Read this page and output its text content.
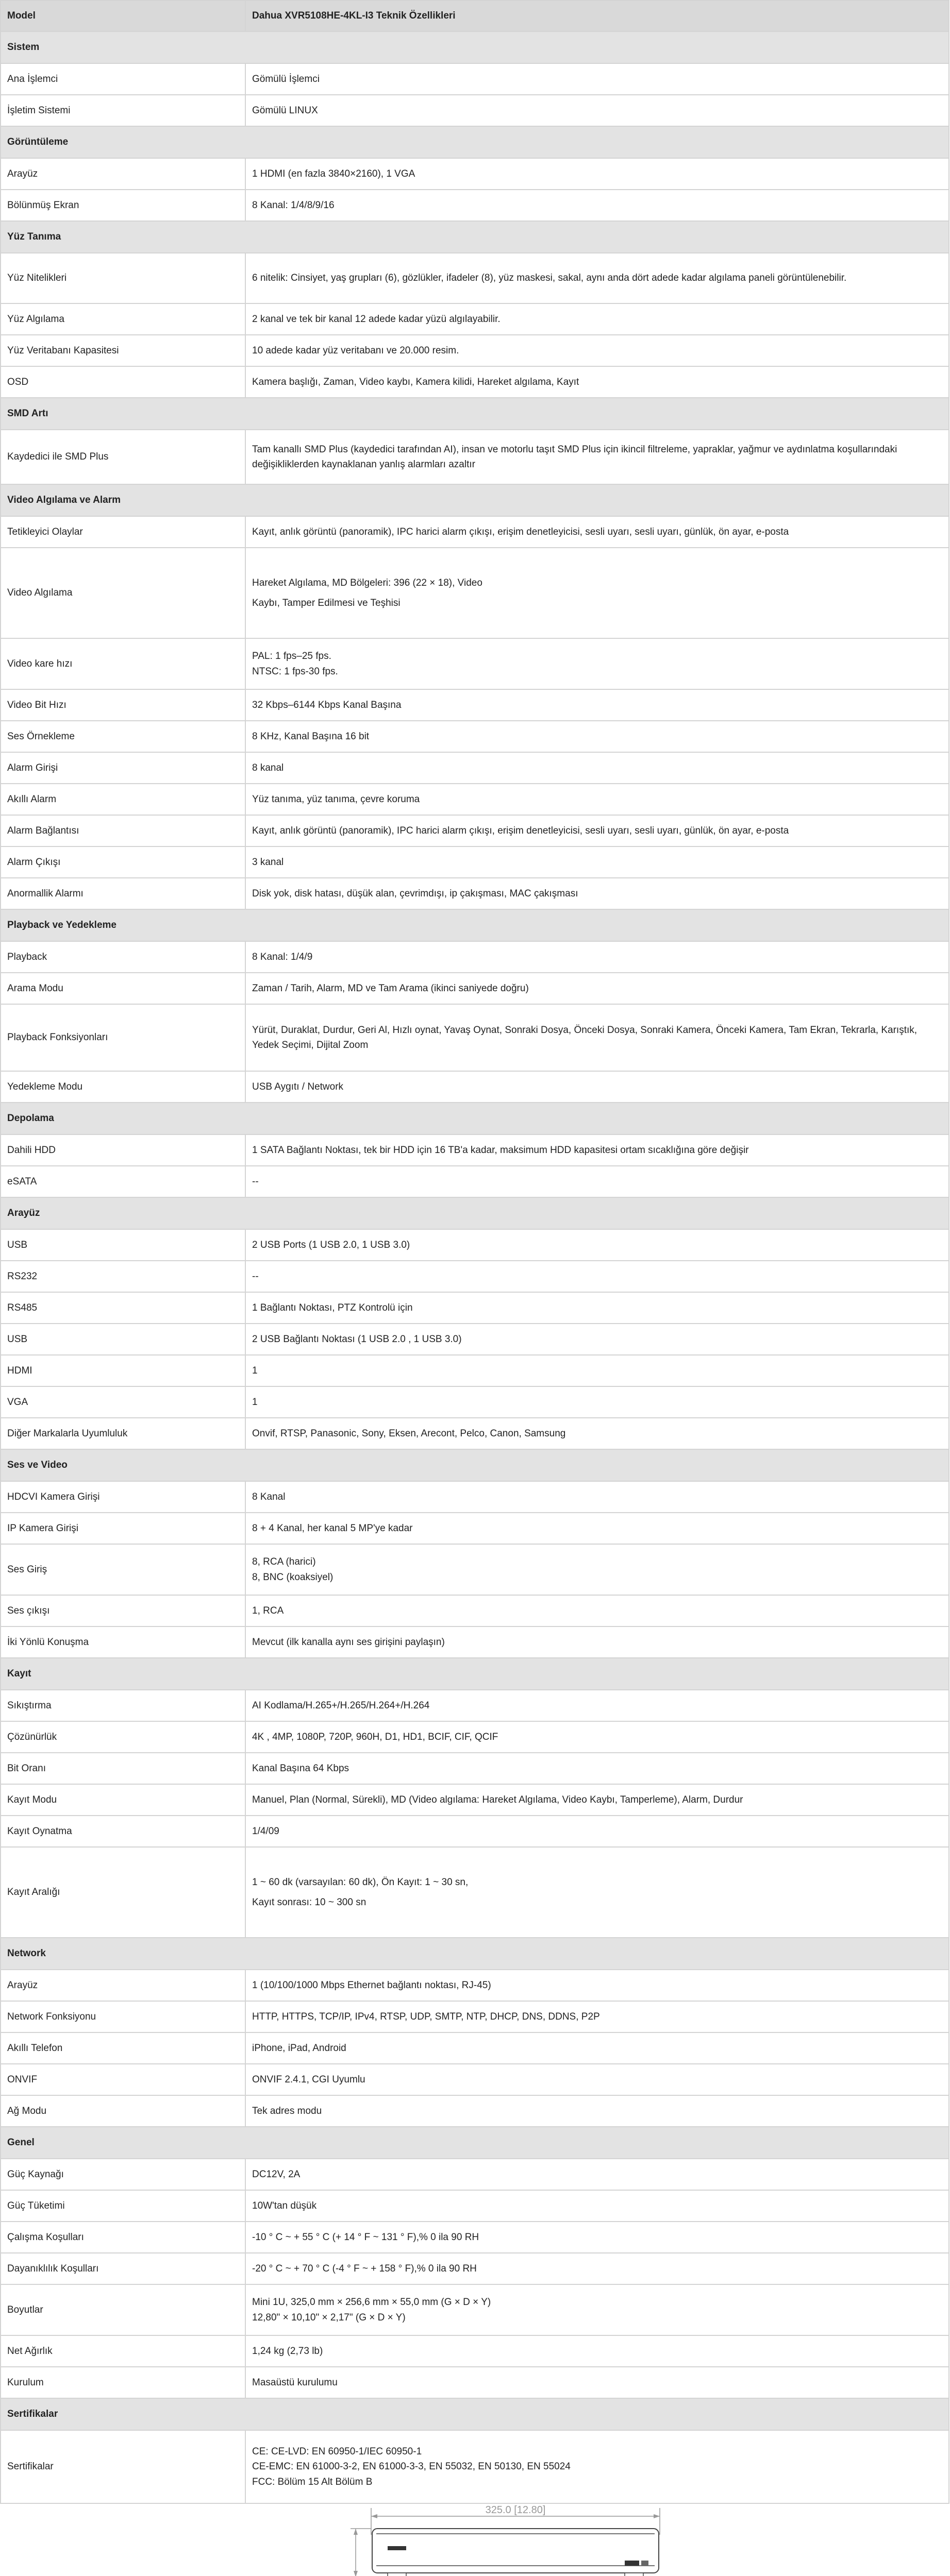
Model	Dahua XVR5108HE-4KL-I3 Teknik Özellikleri
Sistem	
Ana İşlemci	Gömülü İşlemci
İşletim Sistemi	Gömülü LINUX
Görüntüleme	
Arayüz	1 HDMI (en fazla 3840×2160), 1 VGA
Bölünmüş Ekran	8 Kanal: 1/4/8/9/16
Yüz Tanıma	
Yüz Nitelikleri	6 nitelik: Cinsiyet, yaş grupları (6), gözlükler, ifadeler (8), yüz maskesi, sakal, aynı anda dört adede kadar algılama paneli görüntülenebilir.
Yüz Algılama	2 kanal ve tek bir kanal 12 adede kadar yüzü algılayabilir.
Yüz Veritabanı Kapasitesi	10 adede kadar yüz veritabanı ve 20.000 resim.
OSD	Kamera başlığı, Zaman, Video kaybı, Kamera kilidi, Hareket algılama, Kayıt
SMD Artı	
Kaydedici ile SMD Plus	Tam kanallı SMD Plus (kaydedici tarafından AI), insan ve motorlu taşıt SMD Plus için ikincil filtreleme, yapraklar, yağmur ve aydınlatma koşullarındaki değişikliklerden kaynaklanan yanlış alarmları azaltır
Video Algılama ve Alarm	
Tetikleyici Olaylar	Kayıt, anlık görüntü (panoramik), IPC harici alarm çıkışı, erişim denetleyicisi, sesli uyarı, sesli uyarı, günlük, ön ayar, e-posta
Video Algılama	Hareket Algılama, MD Bölgeleri: 396 (22 × 18), Video
Kaybı, Tamper Edilmesi ve Teşhisi

Video kare hızı	PAL: 1 fps–25 fps.
NTSC: 1 fps-30 fps.

Video Bit Hızı	32 Kbps–6144 Kbps Kanal Başına
Ses Örnekleme	8 KHz, Kanal Başına 16 bit
Alarm Girişi	8 kanal
Akıllı Alarm	Yüz tanıma, yüz tanıma, çevre koruma
Alarm Bağlantısı	Kayıt, anlık görüntü (panoramik), IPC harici alarm çıkışı, erişim denetleyicisi, sesli uyarı, sesli uyarı, günlük, ön ayar, e-posta
Alarm Çıkışı	3 kanal
Anormallik Alarmı	Disk yok, disk hatası, düşük alan, çevrimdışı, ip çakışması, MAC çakışması
Playback ve Yedekleme	
Playback	8 Kanal: 1/4/9
Arama Modu	Zaman / Tarih, Alarm, MD ve Tam Arama (ikinci saniyede doğru)
Playback Fonksiyonları	Yürüt, Duraklat, Durdur, Geri Al, Hızlı oynat, Yavaş Oynat, Sonraki Dosya, Önceki Dosya, Sonraki Kamera, Önceki Kamera, Tam Ekran, Tekrarla, Karıştık, Yedek Seçimi, Dijital Zoom
Yedekleme Modu	USB Aygıtı / Network
Depolama	
Dahili HDD	1 SATA Bağlantı Noktası, tek bir HDD için 16 TB'a kadar, maksimum HDD kapasitesi ortam sıcaklığına göre değişir
eSATA	--
Arayüz	
USB	2 USB Ports (1 USB 2.0, 1 USB 3.0)
RS232	--
RS485	1 Bağlantı Noktası, PTZ Kontrolü için
USB	2 USB Bağlantı Noktası (1 USB 2.0 , 1 USB 3.0)
HDMI	1
VGA	1
Diğer Markalarla Uyumluluk	Onvif, RTSP, Panasonic, Sony, Eksen, Arecont, Pelco, Canon, Samsung
Ses ve Video	
HDCVI Kamera Girişi	8 Kanal
IP Kamera Girişi	8 + 4 Kanal, her kanal 5 MP'ye kadar
Ses Giriş	8, RCA (harici)
8, BNC (koaksiyel)

Ses çıkışı	1, RCA
İki Yönlü Konuşma	Mevcut (ilk kanalla aynı ses girişini paylaşın)
Kayıt	
Sıkıştırma	AI Kodlama/H.265+/H.265/H.264+/H.264
Çözünürlük	4K , 4MP, 1080P, 720P, 960H, D1, HD1, BCIF, CIF, QCIF
Bit Oranı	Kanal Başına 64 Kbps
Kayıt Modu	Manuel, Plan (Normal, Sürekli), MD (Video algılama: Hareket Algılama, Video Kaybı, Tamperleme), Alarm, Durdur
Kayıt Oynatma	1/4/09
Kayıt Aralığı	1 ~ 60 dk (varsayılan: 60 dk), Ön Kayıt: 1 ~ 30 sn,
Kayıt sonrası: 10 ~ 300 sn

Network	
Arayüz	1 (10/100/1000 Mbps Ethernet bağlantı noktası, RJ-45)
Network Fonksiyonu	HTTP, HTTPS, TCP/IP, IPv4, RTSP, UDP, SMTP, NTP, DHCP, DNS, DDNS, P2P
Akıllı Telefon	iPhone, iPad, Android
ONVIF	ONVIF 2.4.1, CGI Uyumlu
Ağ Modu	Tek adres modu
Genel	
Güç Kaynağı	DC12V, 2A
Güç Tüketimi	10W'tan düşük
Çalışma Koşulları	-10 ° C ~ + 55 ° C (+ 14 ° F ~ 131 ° F),% 0 ila 90 RH
Dayanıklılık Koşulları	-20 ° C ~ + 70 ° C (-4 ° F ~ + 158 ° F),% 0 ila 90 RH
Boyutlar	Mini 1U, 325,0 mm × 256,6 mm × 55,0 mm (G × D × Y)
12,80" × 10,10" × 2,17" (G × D × Y)

Net Ağırlık	1,24 kg (2,73 lb)
Kurulum	Masaüstü kurulumu
Sertifikalar	
Sertifikalar	CE: CE-LVD: EN 60950-1/IEC 60950-1
CE-EMC: EN 61000-3-2, EN 61000-3-3, EN 55032, EN 50130, EN 55024
FCC: Bölüm 15 Alt Bölüm B
325.0 [12.80]
